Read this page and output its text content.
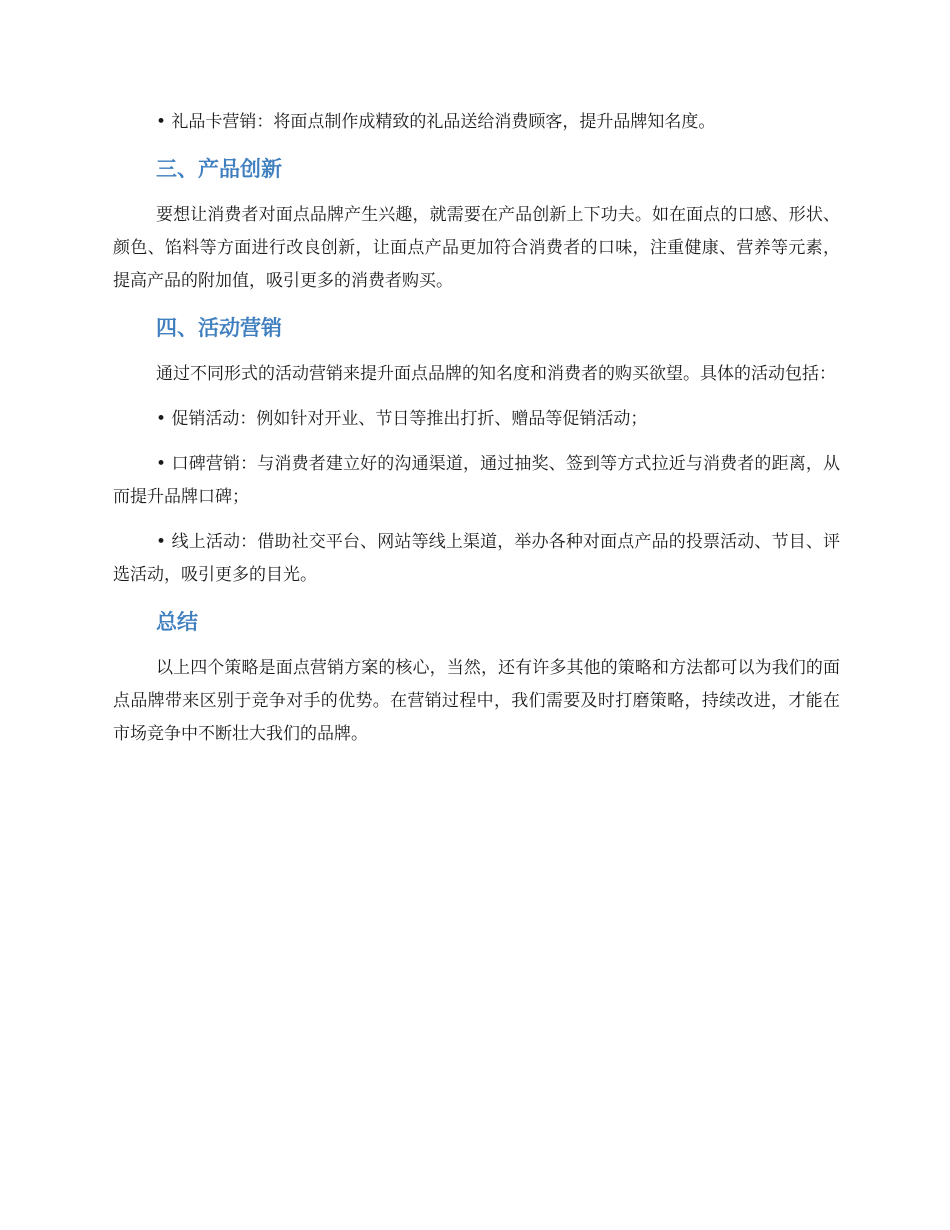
• 礼品卡营销：将面点制作成精致的礼品送给消费顾客，提升品牌知名度。

三、产品创新

要想让消费者对面点品牌产生兴趣，就需要在产品创新上下功夫。如在面点的口感、形状、颜色、馅料等方面进行改良创新，让面点产品更加符合消费者的口味，注重健康、营养等元素，提高产品的附加值，吸引更多的消费者购买。

四、活动营销

通过不同形式的活动营销来提升面点品牌的知名度和消费者的购买欲望。具体的活动包括：

• 促销活动：例如针对开业、节日等推出打折、赠品等促销活动；

• 口碑营销：与消费者建立好的沟通渠道，通过抽奖、签到等方式拉近与消费者的距离，从而提升品牌口碑；

• 线上活动：借助社交平台、网站等线上渠道，举办各种对面点产品的投票活动、节目、评选活动，吸引更多的目光。

总结

以上四个策略是面点营销方案的核心，当然，还有许多其他的策略和方法都可以为我们的面点品牌带来区别于竞争对手的优势。在营销过程中，我们需要及时打磨策略，持续改进，才能在市场竞争中不断壮大我们的品牌。
